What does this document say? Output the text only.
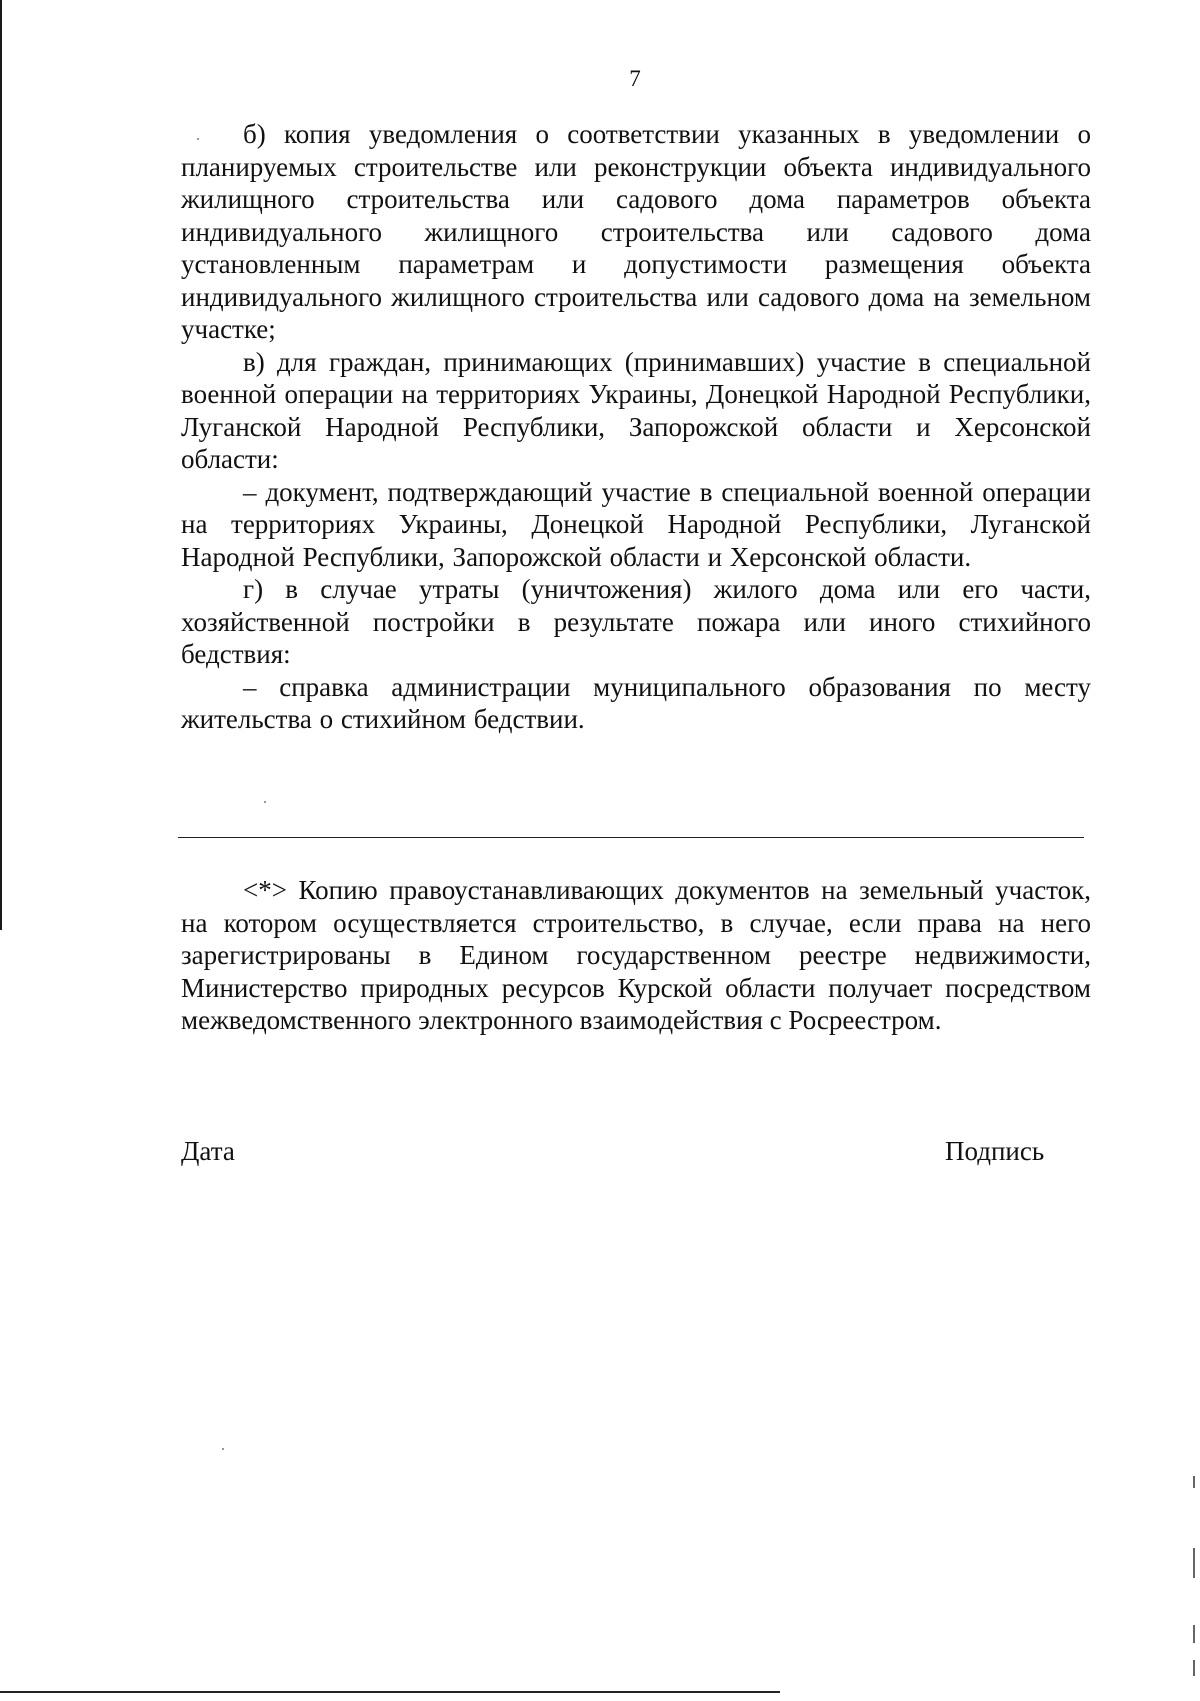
7

б) копия уведомления о соответствии указанных в уведомлении о планируемых строительстве или реконструкции объекта индивидуального жилищного строительства или садового дома параметров объекта индивидуального жилищного строительства или садового дома установленным параметрам и допустимости размещения объекта индивидуального жилищного строительства или садового дома на земельном участке;

в) для граждан, принимающих (принимавших) участие в специальной военной операции на территориях Украины, Донецкой Народной Республики, Луганской Народной Республики, Запорожской области и Херсонской области:

– документ, подтверждающий участие в специальной военной операции на территориях Украины, Донецкой Народной Республики, Луганской Народной Республики, Запорожской области и Херсонской области.

г) в случае утраты (уничтожения) жилого дома или его части, хозяйственной постройки в результате пожара или иного стихийного бедствия:

– справка администрации муниципального образования по месту жительства о стихийном бедствии.

<*> Копию правоустанавливающих документов на земельный участок, на котором осуществляется строительство, в случае, если права на него зарегистрированы в Едином государственном реестре недвижимости, Министерство природных ресурсов Курской области получает посредством межведомственного электронного взаимодействия с Росреестром.

Дата	Подпись
